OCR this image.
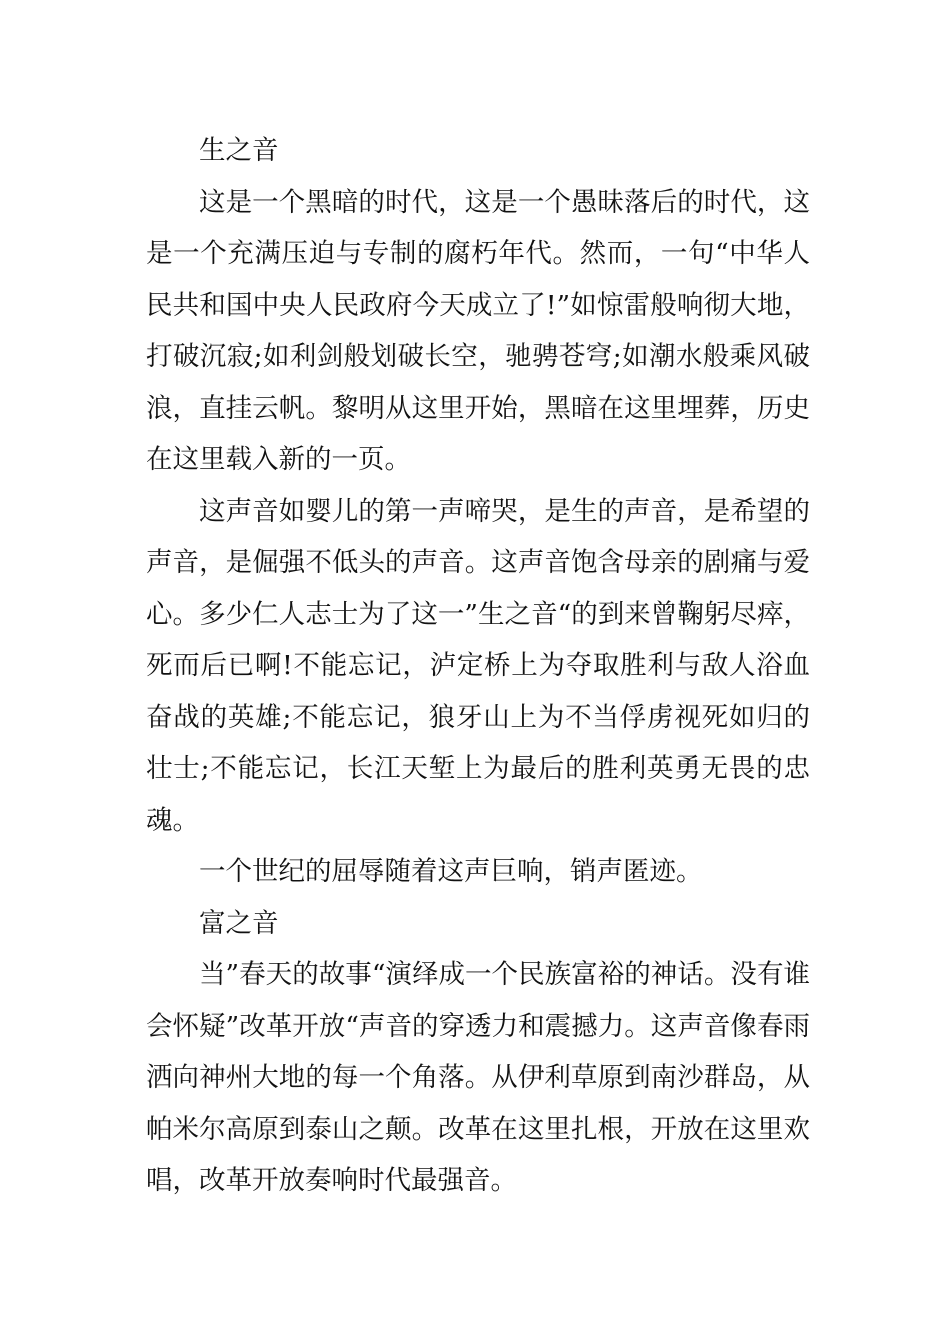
生之音

这是一个黑暗的时代，这是一个愚昧落后的时代，这是一个充满压迫与专制的腐朽年代。然而，一句“中华人民共和国中央人民政府今天成立了!”如惊雷般响彻大地，打破沉寂;如利剑般划破长空，驰骋苍穹;如潮水般乘风破浪，直挂云帆。黎明从这里开始，黑暗在这里埋葬，历史在这里载入新的一页。

这声音如婴儿的第一声啼哭，是生的声音，是希望的声音，是倔强不低头的声音。这声音饱含母亲的剧痛与爱心。多少仁人志士为了这一”生之音“的到来曾鞠躬尽瘁，死而后已啊!不能忘记，泸定桥上为夺取胜利与敌人浴血奋战的英雄;不能忘记，狼牙山上为不当俘虏视死如归的壮士;不能忘记，长江天堑上为最后的胜利英勇无畏的忠魂。

一个世纪的屈辱随着这声巨响，销声匿迹。

富之音

当”春天的故事“演绎成一个民族富裕的神话。没有谁会怀疑”改革开放“声音的穿透力和震撼力。这声音像春雨洒向神州大地的每一个角落。从伊利草原到南沙群岛，从帕米尔高原到泰山之颠。改革在这里扎根，开放在这里欢唱，改革开放奏响时代最强音。
